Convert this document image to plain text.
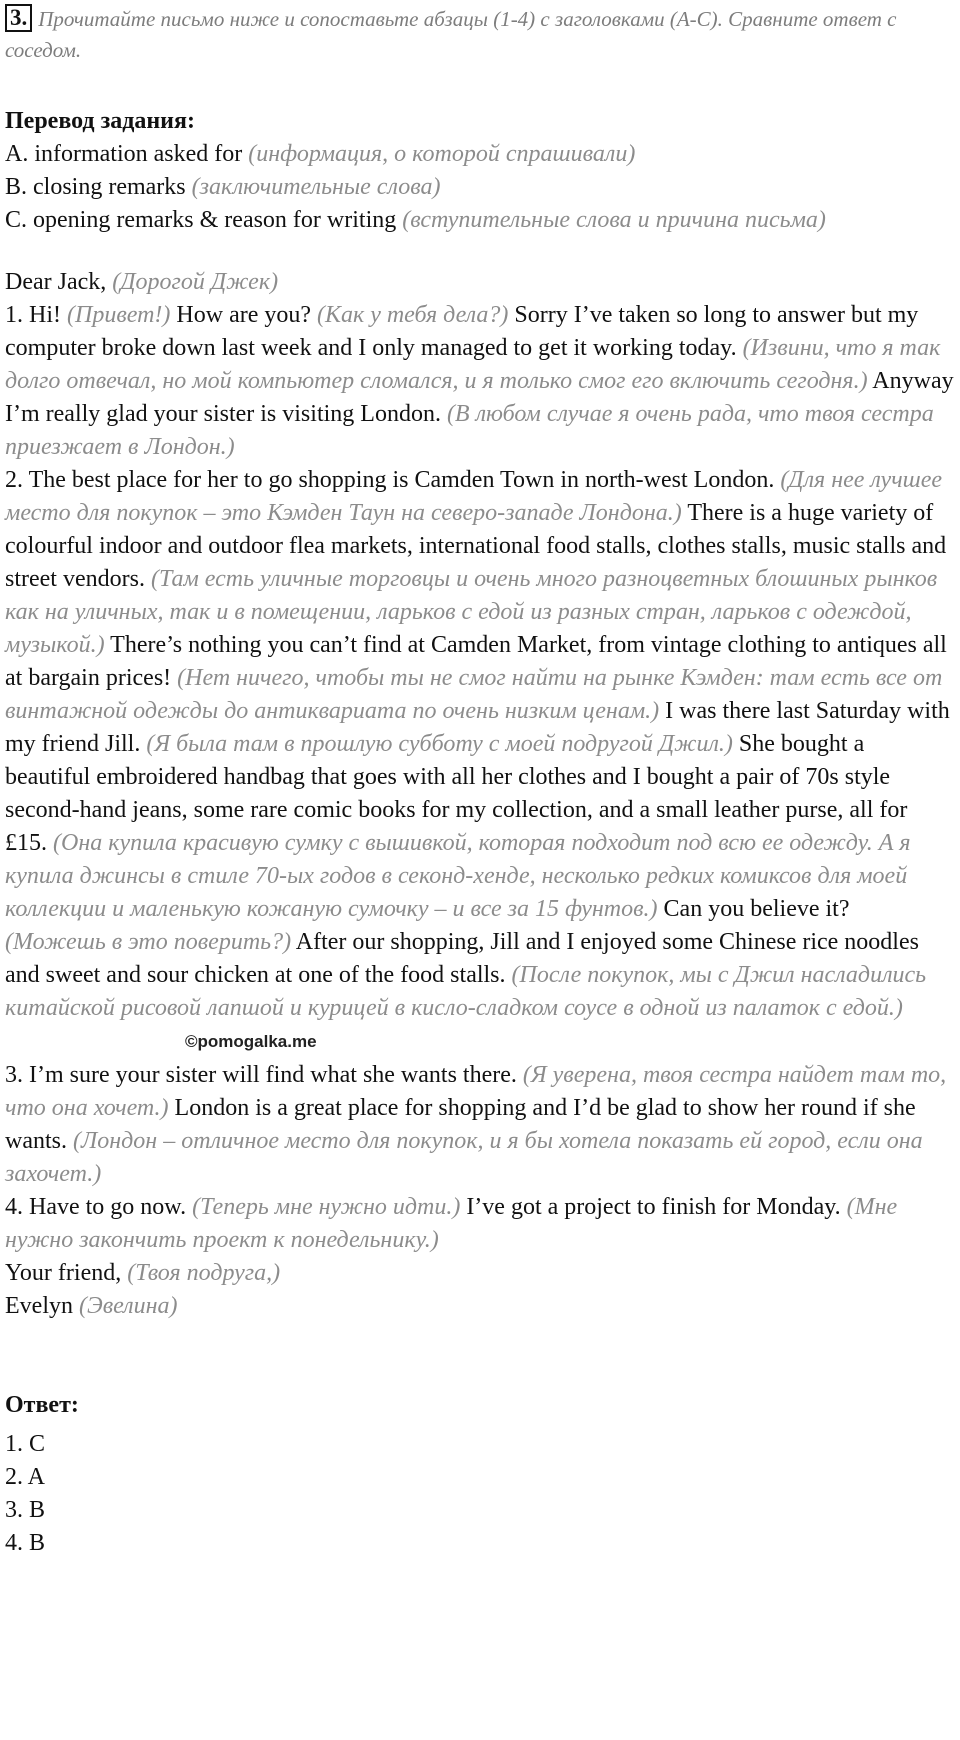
3. Прочитайте письмо ниже и сопоставьте абзацы (1-4) с заголовками (A-C). Сравните ответ с соседом.
Перевод задания:
A. information asked for (информация, о которой спрашивали)
B. closing remarks (заключительные слова)
C. opening remarks & reason for writing (вступительные слова и причина письма)
Dear Jack, (Дорогой Джек)
1. Hi! (Привет!) How are you? (Как у тебя дела?) Sorry I’ve taken so long to answer but my computer broke down last week and I only managed to get it working today. (Извини, что я так долго отвечал, но мой компьютер сломался, и я только смог его включить сегодня.) Anyway I’m really glad your sister is visiting London. (В любом случае я очень рада, что твоя сестра приезжает в Лондон.)
2. The best place for her to go shopping is Camden Town in north-west London. (Для нее лучшее место для покупок – это Кэмден Таун на северо-западе Лондона.) There is a huge variety of colourful indoor and outdoor flea markets, international food stalls, clothes stalls, music stalls and street vendors. (Там есть уличные торговцы и очень много разноцветных блошиных рынков как на уличных, так и в помещении, ларьков с едой из разных стран, ларьков с одеждой, музыкой.) There’s nothing you can’t find at Camden Market, from vintage clothing to antiques all at bargain prices! (Нет ничего, чтобы ты не смог найти на рынке Кэмден: там есть все от винтажной одежды до антиквариата по очень низким ценам.) I was there last Saturday with my friend Jill. (Я была там в прошлую субботу с моей подругой Джил.) She bought a beautiful embroidered handbag that goes with all her clothes and I bought a pair of 70s style second-hand jeans, some rare comic books for my collection, and a small leather purse, all for £15. (Она купила красивую сумку с вышивкой, которая подходит под всю ее одежду. А я купила джинсы в стиле 70-ых годов в секонд-хенде, несколько редких комиксов для моей коллекции и маленькую кожаную сумочку – и все за 15 фунтов.) Can you believe it? (Можешь в это поверить?) After our shopping, Jill and I enjoyed some Chinese rice noodles and sweet and sour chicken at one of the food stalls. (После покупок, мы с Джил насладились китайской рисовой лапшой и курицей в кисло-сладком соусе в одной из палаток с едой.) ©pomogalka.me
3. I’m sure your sister will find what she wants there. (Я уверена, твоя сестра найдет там то, что она хочет.) London is a great place for shopping and I’d be glad to show her round if she wants. (Лондон – отличное место для покупок, и я бы хотела показать ей город, если она захочет.)
4. Have to go now. (Теперь мне нужно идти.) I’ve got a project to finish for Monday. (Мне нужно закончить проект к понедельнику.)
Your friend, (Твоя подруга,)
Evelyn (Эвелина)
Ответ:
1. C
2. A
3. B
4. B
